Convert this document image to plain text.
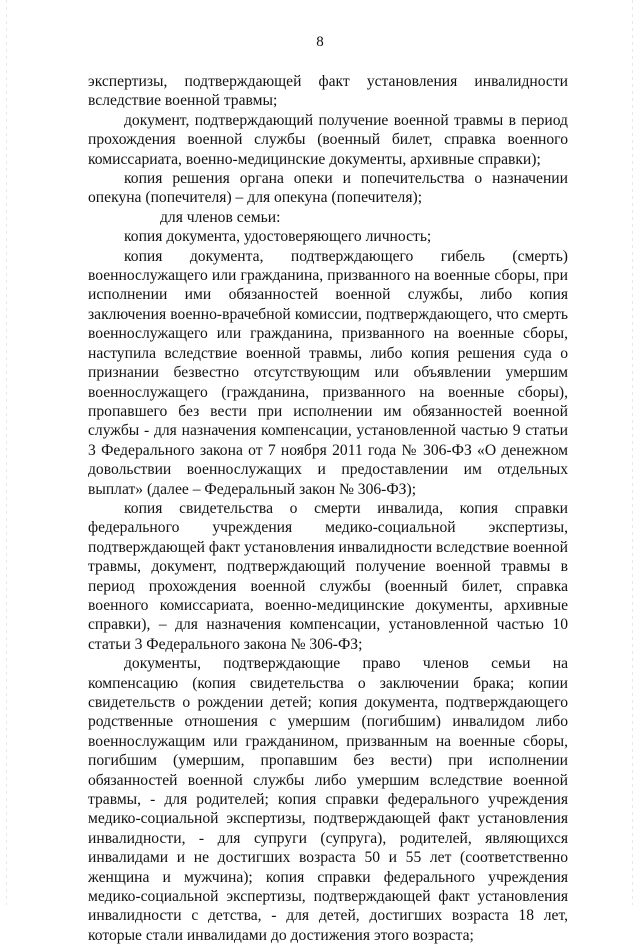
8

экспертизы, подтверждающей факт установления инвалидности вследствие военной травмы;

документ, подтверждающий получение военной травмы в период прохождения военной службы (военный билет, справка военного комиссариата, военно-медицинские документы, архивные справки);

копия решения органа опеки и попечительства о назначении опекуна (попечителя) – для опекуна (попечителя);

для членов семьи:

копия документа, удостоверяющего личность;

копия документа, подтверждающего гибель (смерть) военнослужащего или гражданина, призванного на военные сборы, при исполнении ими обязанностей военной службы, либо копия заключения военно-врачебной комиссии, подтверждающего, что смерть военнослужащего или гражданина, призванного на военные сборы, наступила вследствие военной травмы, либо копия решения суда о признании безвестно отсутствующим или объявлении умершим военнослужащего (гражданина, призванного на военные сборы), пропавшего без вести при исполнении им обязанностей военной службы - для назначения компенсации, установленной частью 9 статьи 3 Федерального закона от 7 ноября 2011 года № 306-ФЗ «О денежном довольствии военнослужащих и предоставлении им отдельных выплат» (далее – Федеральный закон № 306-ФЗ);

копия свидетельства о смерти инвалида, копия справки федерального учреждения медико-социальной экспертизы, подтверждающей факт установления инвалидности вследствие военной травмы, документ, подтверждающий получение военной травмы в период прохождения военной службы (военный билет, справка военного комиссариата, военно-медицинские документы, архивные справки), – для назначения компенсации, установленной частью 10 статьи 3 Федерального закона № 306-ФЗ;

документы, подтверждающие право членов семьи на компенсацию (копия свидетельства о заключении брака; копии свидетельств о рождении детей; копия документа, подтверждающего родственные отношения с умершим (погибшим) инвалидом либо военнослужащим или гражданином, призванным на военные сборы, погибшим (умершим, пропавшим без вести) при исполнении обязанностей военной службы либо умершим вследствие военной травмы, - для родителей; копия справки федерального учреждения медико-социальной экспертизы, подтверждающей факт установления инвалидности, - для супруги (супруга), родителей, являющихся инвалидами и не достигших возраста 50 и 55 лет (соответственно женщина и мужчина); копия справки федерального учреждения медико-социальной экспертизы, подтверждающей факт установления инвалидности с детства, - для детей, достигших возраста 18 лет, которые стали инвалидами до достижения этого возраста;
